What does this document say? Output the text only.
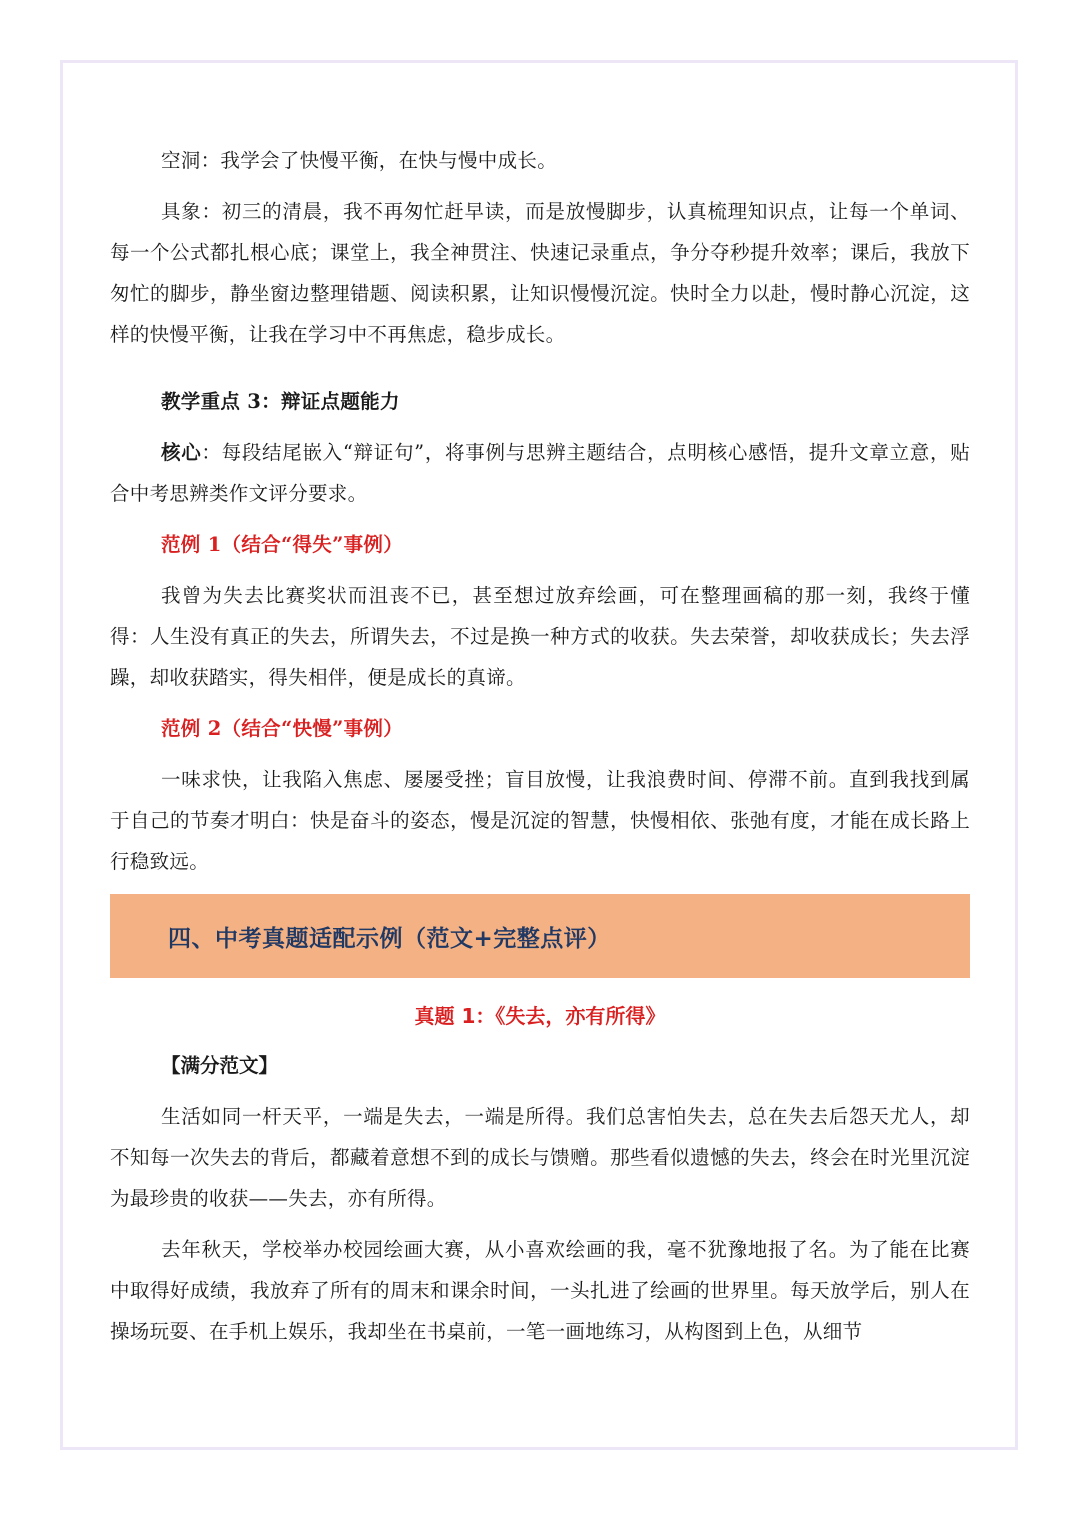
空洞：我学会了快慢平衡，在快与慢中成长。

具象：初三的清晨，我不再匆忙赶早读，而是放慢脚步，认真梳理知识点，让每一个单词、每一个公式都扎根心底；课堂上，我全神贯注、快速记录重点，争分夺秒提升效率；课后，我放下匆忙的脚步，静坐窗边整理错题、阅读积累，让知识慢慢沉淀。快时全力以赴，慢时静心沉淀，这样的快慢平衡，让我在学习中不再焦虑，稳步成长。

教学重点 3：辩证点题能力

核心：每段结尾嵌入“辩证句”，将事例与思辨主题结合，点明核心感悟，提升文章立意，贴合中考思辨类作文评分要求。

范例 1（结合“得失”事例）

我曾为失去比赛奖状而沮丧不已，甚至想过放弃绘画，可在整理画稿的那一刻，我终于懂得：人生没有真正的失去，所谓失去，不过是换一种方式的收获。失去荣誉，却收获成长；失去浮躁，却收获踏实，得失相伴，便是成长的真谛。

范例 2（结合“快慢”事例）

一味求快，让我陷入焦虑、屡屡受挫；盲目放慢，让我浪费时间、停滞不前。直到我找到属于自己的节奏才明白：快是奋斗的姿态，慢是沉淀的智慧，快慢相依、张弛有度，才能在成长路上行稳致远。

四、中考真题适配示例（范文+完整点评）
真题 1：《失去，亦有所得》
【满分范文】

生活如同一杆天平，一端是失去，一端是所得。我们总害怕失去，总在失去后怨天尤人，却不知每一次失去的背后，都藏着意想不到的成长与馈赠。那些看似遗憾的失去，终会在时光里沉淀为最珍贵的收获——失去，亦有所得。

去年秋天，学校举办校园绘画大赛，从小喜欢绘画的我，毫不犹豫地报了名。为了能在比赛中取得好成绩，我放弃了所有的周末和课余时间，一头扎进了绘画的世界里。每天放学后，别人在操场玩耍、在手机上娱乐，我却坐在书桌前，一笔一画地练习，从构图到上色，从细节
